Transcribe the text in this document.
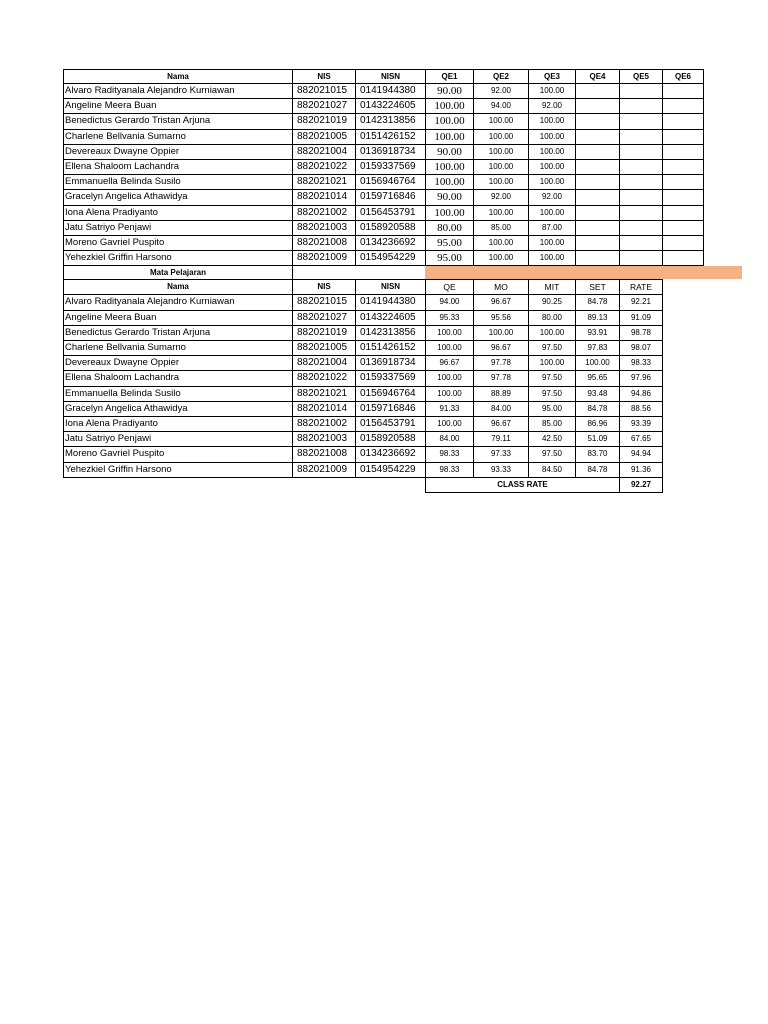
Nama	NIS	NISN	QE1	QE2	QE3	QE4	QE5	QE6
Alvaro Radityanala Alejandro Kurniawan	882021015	0141944380	90.00	92.00	100.00
Angeline Meera Buan	882021027	0143224605	100.00	94.00	92.00
Benedictus Gerardo Tristan Arjuna	882021019	0142313856	100.00	100.00	100.00
Charlene Bellvania Sumarno	882021005	0151426152	100.00	100.00	100.00
Devereaux Dwayne Oppier	882021004	0136918734	90.00	100.00	100.00
Ellena Shaloom Lachandra	882021022	0159337569	100.00	100.00	100.00
Emmanuella Belinda Susilo	882021021	0156946764	100.00	100.00	100.00
Gracelyn Angelica Athawidya	882021014	0159716846	90.00	92.00	92.00
Iona Alena Pradiyanto	882021002	0156453791	100.00	100.00	100.00
Jatu Satriyo Penjawi	882021003	0158920588	80.00	85.00	87.00
Moreno Gavriel Puspito	882021008	0134236692	95.00	100.00	100.00
Yehezkiel Griffin Harsono	882021009	0154954229	95.00	100.00	100.00
Mata Pelajaran
Nama	NIS	NISN	QE	MO	MIT	SET	RATE
Alvaro Radityanala Alejandro Kurniawan	882021015	0141944380	94.00	96.67	90.25	84.78	92.21
Angeline Meera Buan	882021027	0143224605	95.33	95.56	80.00	89.13	91.09
Benedictus Gerardo Tristan Arjuna	882021019	0142313856	100.00	100.00	100.00	93.91	98.78
Charlene Bellvania Sumarno	882021005	0151426152	100.00	96.67	97.50	97.83	98.07
Devereaux Dwayne Oppier	882021004	0136918734	96.67	97.78	100.00	100.00	98.33
Ellena Shaloom Lachandra	882021022	0159337569	100.00	97.78	97.50	95.65	97.96
Emmanuella Belinda Susilo	882021021	0156946764	100.00	88.89	97.50	93.48	94.86
Gracelyn Angelica Athawidya	882021014	0159716846	91.33	84.00	95.00	84.78	88.56
Iona Alena Pradiyanto	882021002	0156453791	100.00	96.67	85.00	86.96	93.39
Jatu Satriyo Penjawi	882021003	0158920588	84.00	79.11	42.50	51.09	67.65
Moreno Gavriel Puspito	882021008	0134236692	98.33	97.33	97.50	83.70	94.94
Yehezkiel Griffin Harsono	882021009	0154954229	98.33	93.33	84.50	84.78	91.36
CLASS RATE	92.27
